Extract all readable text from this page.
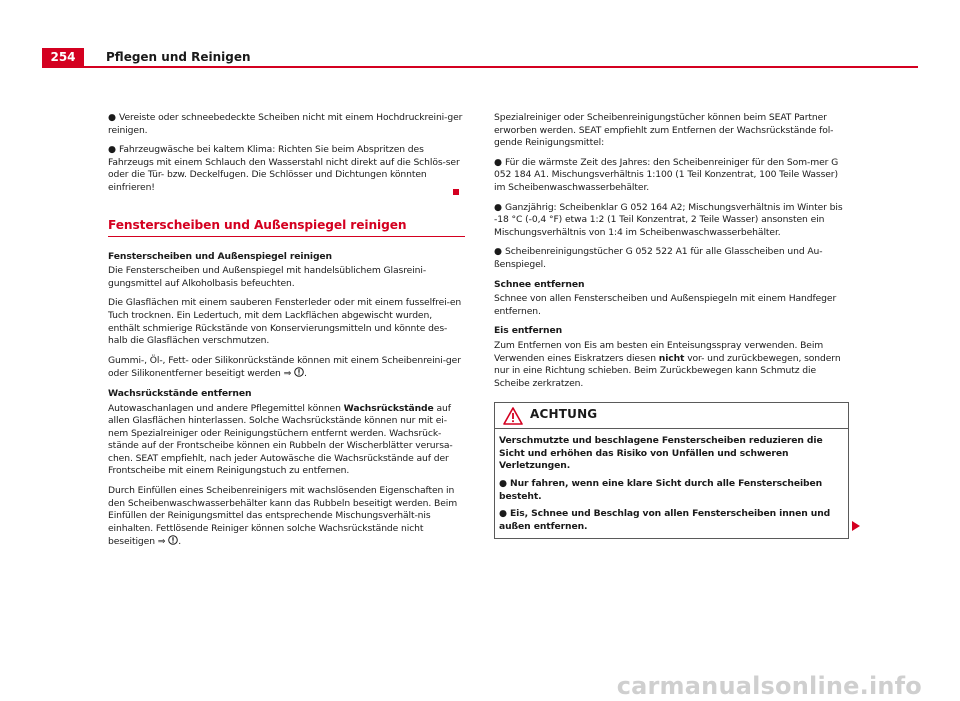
254	Pflegen und Reinigen

● Vereiste oder schneebedeckte Scheiben nicht mit einem Hochdruckreini-ger reinigen.

● Fahrzeugwäsche bei kaltem Klima: Richten Sie beim Abspritzen des Fahrzeugs mit einem Schlauch den Wasserstahl nicht direkt auf die Schlös-ser oder die Tür- bzw. Deckelfugen. Die Schlösser und Dichtungen könnten einfrieren!

Fensterscheiben und Außenspiegel reinigen
Fensterscheiben und Außenspiegel reinigen

Die Fensterscheiben und Außenspiegel mit handelsüblichem Glasreini-gungsmittel auf Alkoholbasis befeuchten.

Die Glasflächen mit einem sauberen Fensterleder oder mit einem fusselfrei-en Tuch trocknen. Ein Ledertuch, mit dem Lackflächen abgewischt wurden, enthält schmierige Rückstände von Konservierungsmitteln und könnte des-halb die Glasflächen verschmutzen.

Gummi-, Öl-, Fett- oder Silikonrückstände können mit einem Scheibenreini-ger oder Silikonentferner beseitigt werden ⇒ .

Wachsrückstände entfernen

Autowaschanlagen und andere Pflegemittel können Wachsrückstände auf allen Glasflächen hinterlassen. Solche Wachsrückstände können nur mit ei-nem Spezialreiniger oder Reinigungstüchern entfernt werden. Wachsrück-stände auf der Frontscheibe können ein Rubbeln der Wischerblätter verursa-chen. SEAT empfiehlt, nach jeder Autowäsche die Wachsrückstände auf der Frontscheibe mit einem Reinigungstuch zu entfernen.

Durch Einfüllen eines Scheibenreinigers mit wachslösenden Eigenschaften in den Scheibenwaschwasserbehälter kann das Rubbeln beseitigt werden. Beim Einfüllen der Reinigungsmittel das entsprechende Mischungsverhält-nis einhalten. Fettlösende Reiniger können solche Wachsrückstände nicht beseitigen ⇒ .

Spezialreiniger oder Scheibenreinigungstücher können beim SEAT Partner erworben werden. SEAT empfiehlt zum Entfernen der Wachsrückstände fol-gende Reinigungsmittel:

● Für die wärmste Zeit des Jahres: den Scheibenreiniger für den Som-mer G 052 184 A1. Mischungsverhältnis 1:100 (1 Teil Konzentrat, 100 Teile Wasser) im Scheibenwaschwasserbehälter.

● Ganzjährig: Scheibenklar G 052 164 A2; Mischungsverhältnis im Winter bis -18 °C (-0,4 °F) etwa 1:2 (1 Teil Konzentrat, 2 Teile Wasser) ansonsten ein Mischungsverhältnis von 1:4 im Scheibenwaschwasserbehälter.

● Scheibenreinigungstücher G 052 522 A1 für alle Glasscheiben und Au-ßenspiegel.

Schnee entfernen

Schnee von allen Fensterscheiben und Außenspiegeln mit einem Handfeger entfernen.

Eis entfernen

Zum Entfernen von Eis am besten ein Enteisungsspray verwenden. Beim Verwenden eines Eiskratzers diesen nicht vor- und zurückbewegen, sondern nur in eine Richtung schieben. Beim Zurückbewegen kann Schmutz die Scheibe zerkratzen.

ACHTUNG

Verschmutzte und beschlagene Fensterscheiben reduzieren die Sicht und erhöhen das Risiko von Unfällen und schweren Verletzungen.

● Nur fahren, wenn eine klare Sicht durch alle Fensterscheiben besteht.

● Eis, Schnee und Beschlag von allen Fensterscheiben innen und außen entfernen.

carmanualsonline.info
